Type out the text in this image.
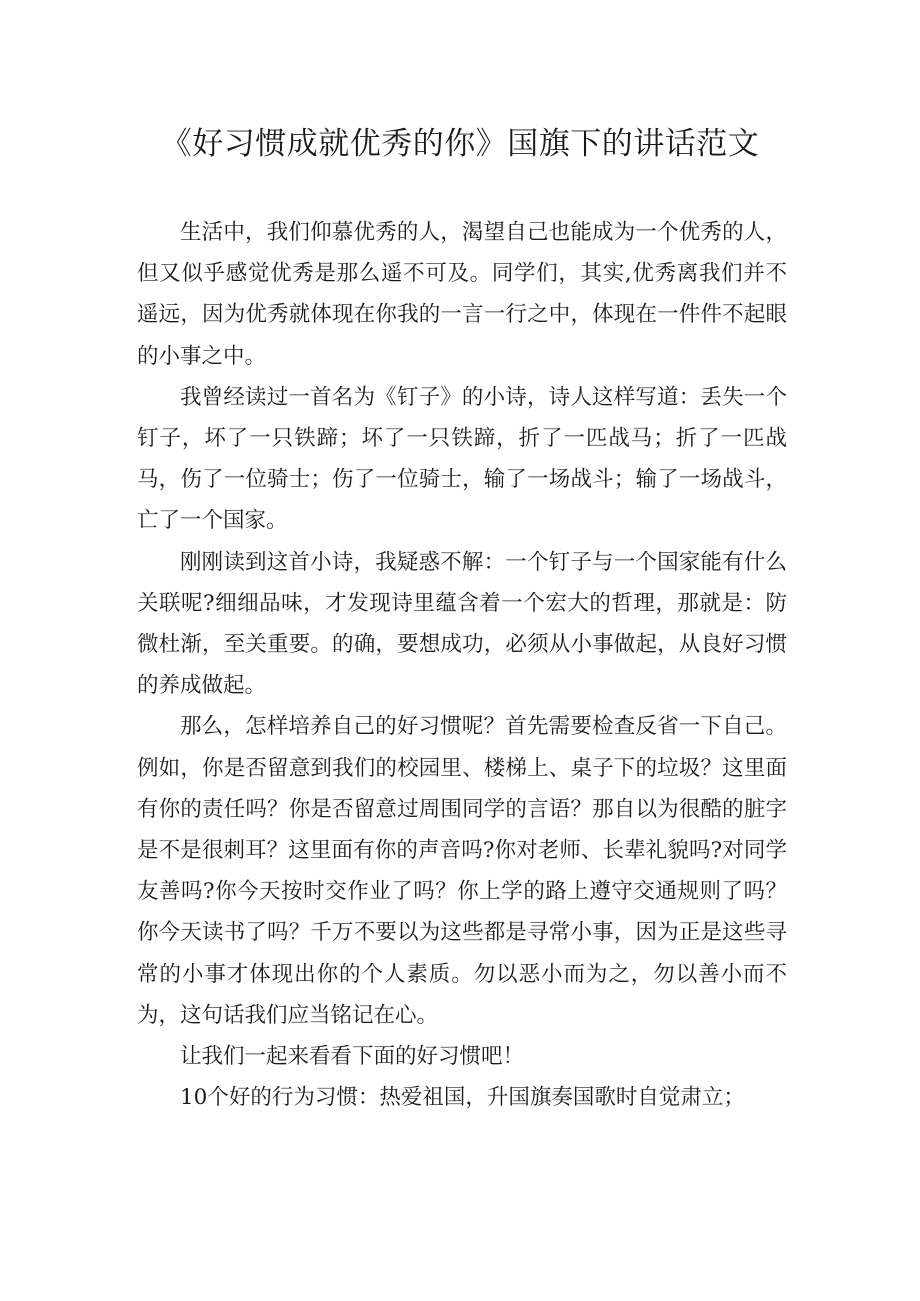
《好习惯成就优秀的你》国旗下的讲话范文

生活中，我们仰慕优秀的人，渴望自己也能成为一个优秀的人，但又似乎感觉优秀是那么遥不可及。同学们，其实,优秀离我们并不遥远，因为优秀就体现在你我的一言一行之中，体现在一件件不起眼的小事之中。

我曾经读过一首名为《钉子》的小诗，诗人这样写道：丢失一个钉子，坏了一只铁蹄；坏了一只铁蹄，折了一匹战马；折了一匹战马，伤了一位骑士；伤了一位骑士，输了一场战斗；输了一场战斗，亡了一个国家。

刚刚读到这首小诗，我疑惑不解：一个钉子与一个国家能有什么关联呢?细细品味，才发现诗里蕴含着一个宏大的哲理，那就是：防微杜渐，至关重要。的确，要想成功，必须从小事做起，从良好习惯的养成做起。

那么，怎样培养自己的好习惯呢？首先需要检查反省一下自己。例如，你是否留意到我们的校园里、楼梯上、桌子下的垃圾？这里面有你的责任吗？你是否留意过周围同学的言语？那自以为很酷的脏字是不是很刺耳？这里面有你的声音吗?你对老师、长辈礼貌吗?对同学友善吗?你今天按时交作业了吗？你上学的路上遵守交通规则了吗？你今天读书了吗？千万不要以为这些都是寻常小事，因为正是这些寻常的小事才体现出你的个人素质。勿以恶小而为之，勿以善小而不为，这句话我们应当铭记在心。

让我们一起来看看下面的好习惯吧！

10个好的行为习惯：热爱祖国，升国旗奏国歌时自觉肃立；
